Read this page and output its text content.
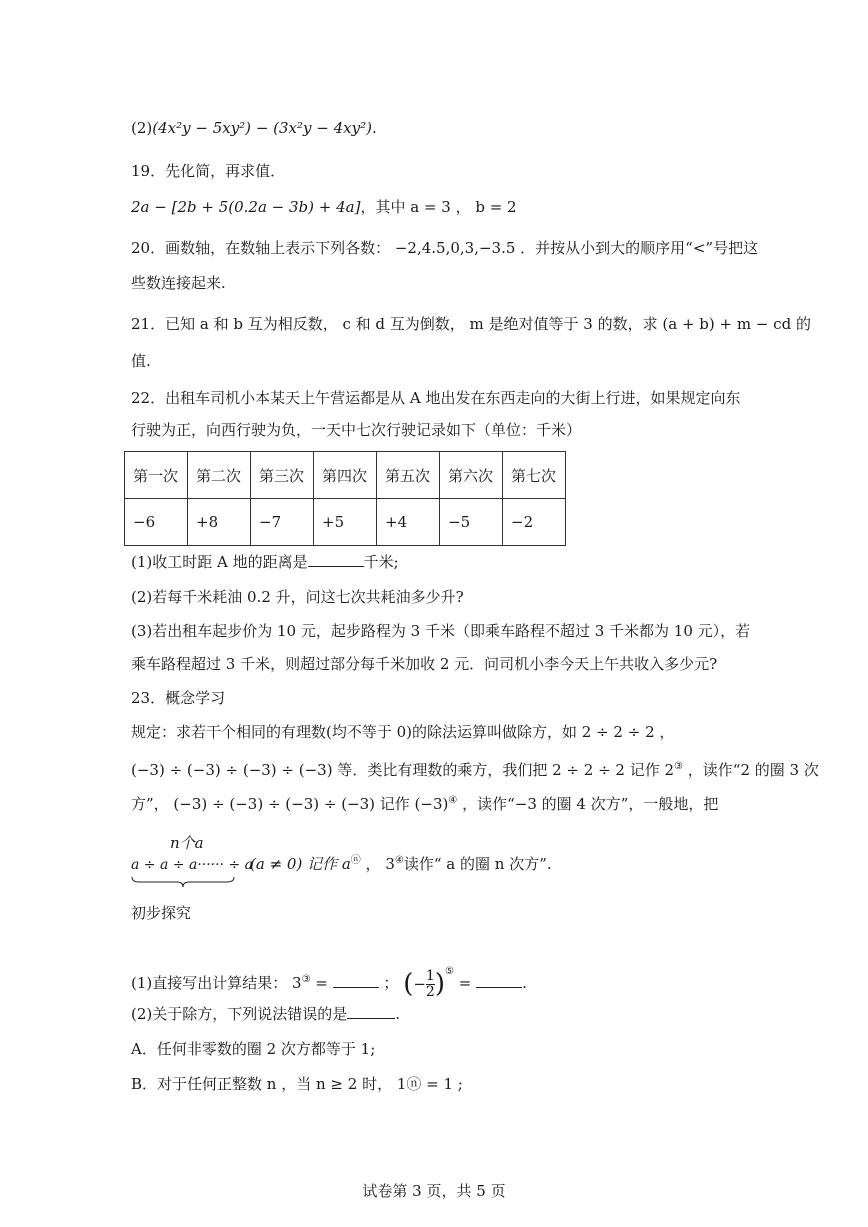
(2)(4x²y − 5xy²) − (3x²y − 4xy²).
19．先化简，再求值．
2a − [2b + 5(0.2a − 3b) + 4a]，其中 a = 3 ， b = 2
20．画数轴，在数轴上表示下列各数： −2,4.5,0,3,−3.5 ．并按从小到大的顺序用“<”号把这
些数连接起来.
21．已知 a 和 b 互为相反数， c 和 d 互为倒数， m 是绝对值等于 3 的数，求 (a + b) + m − cd 的
值.
22．出租车司机小本某天上午营运都是从 A 地出发在东西走向的大街上行进，如果规定向东
行驶为正，向西行驶为负，一天中七次行驶记录如下（单位：千米）
第一次	第二次	第三次	第四次	第五次	第六次	第七次
−6	+8	−7	+5	+4	−5	−2
(1)收工时距 A 地的距离是	千米;
(2)若每千米耗油 0.2 升，问这七次共耗油多少升?
(3)若出租车起步价为 10 元，起步路程为 3 千米（即乘车路程不超过 3 千米都为 10 元），若
乘车路程超过 3 千米，则超过部分每千米加收 2 元．问司机小李今天上午共收入多少元?
23．概念学习
规定：求若干个相同的有理数(均不等于 0)的除法运算叫做除方，如 2 ÷ 2 ÷ 2 ，
(−3) ÷ (−3) ÷ (−3) ÷ (−3) 等．类比有理数的乘方，我们把 2 ÷ 2 ÷ 2 记作 2③ ，读作“2 的圈 3 次
方”， (−3) ÷ (−3) ÷ (−3) ÷ (−3) 记作 (−3)④ ，读作“−3 的圈 4 次方”，一般地，把
n个a
a ÷ a ÷ a······ ÷ a
(a ≠ 0) 记作 aⓝ ， 3④读作“ a 的圈 n 次方”.
初步探究
(1)直接写出计算结果： 3③ =	； (− $\frac{1}{2} )^⑤$ =	.
(2)关于除方，下列说法错误的是	.
A．任何非零数的圈 2 次方都等于 1;
B．对于任何正整数 n ，当 n ≥ 2 时， 1ⓝ = 1 ;
试卷第 3 页，共 5 页
